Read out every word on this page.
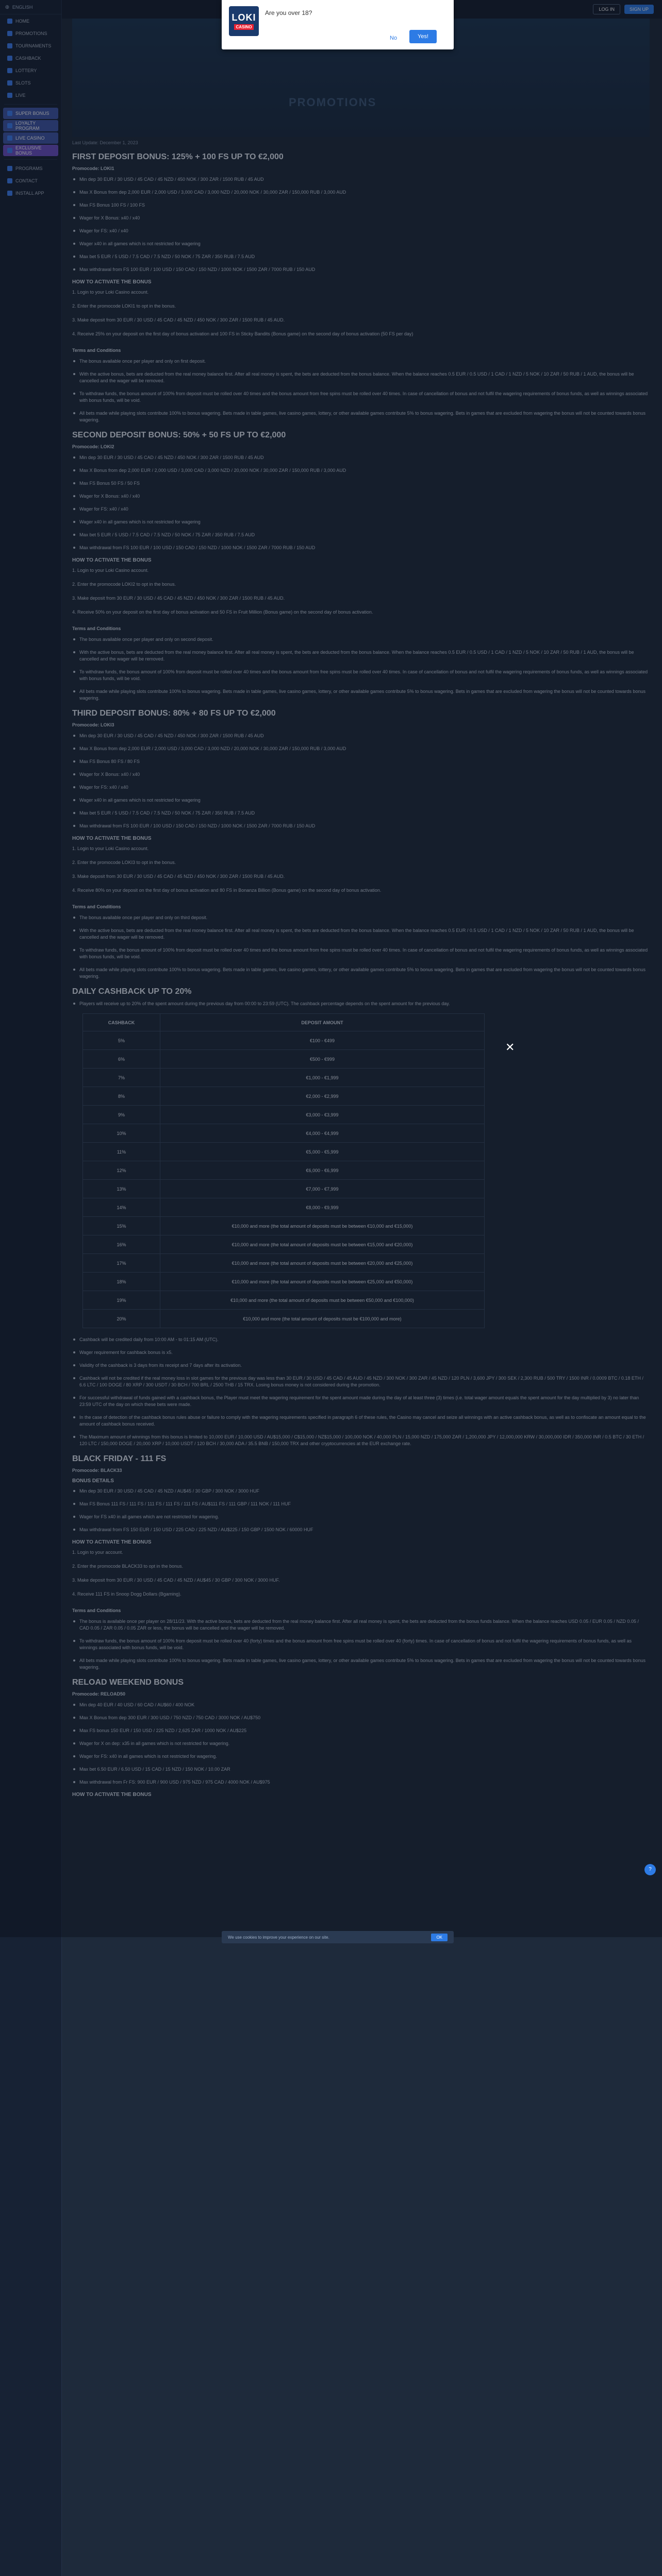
◍ ENGLISH
HOME
PROMOTIONS
TOURNAMENTS
CASHBACK
LOTTERY
SLOTS
LIVE
SUPER BONUS
LOYALTY PROGRAM
LIVE CASINO
EXCLUSIVE BONUS
PROGRAMS
CONTACT
INSTALL APP
LOG IN	SIGN UP
PROMOTIONS
Last Update: December 1, 2023
FIRST DEPOSIT BONUS: 125% + 100 FS UP TO €2,000
Promocode: LOKI1
Min dep 30 EUR / 30 USD / 45 CAD / 45 NZD / 450 NOK / 300 ZAR / 1500 RUB / 45 AUD
Max X Bonus from dep 2,000 EUR / 2,000 USD / 3,000 CAD / 3,000 NZD / 20,000 NOK / 30,000 ZAR / 150,000 RUB / 3,000 AUD
Max FS Bonus 100 FS / 100 FS
Wager for X Bonus: x40 / x40
Wager for FS: x40 / x40
Wager x40 in all games which is not restricted for wagering
Max bet 5 EUR / 5 USD / 7.5 CAD / 7.5 NZD / 50 NOK / 75 ZAR / 350 RUB / 7.5 AUD
Max withdrawal from FS 100 EUR / 100 USD / 150 CAD / 150 NZD / 1000 NOK / 1500 ZAR / 7000 RUB / 150 AUD
HOW TO ACTIVATE THE BONUS

1. Login to your Loki Casino account.

2. Enter the promocode LOKI1 to opt in the bonus.

3. Make deposit from 30 EUR / 30 USD / 45 CAD / 45 NZD / 450 NOK / 300 ZAR / 1500 RUB / 45 AUD.

4. Receive 25% on your deposit on the first day of bonus activation and 100 FS in Sticky Bandits (Bonus game) on the second day of bonus activation (50 FS per day)

Terms and Conditions
The bonus available once per player and only on first deposit.
With the active bonus, bets are deducted from the real money balance first. After all real money is spent, the bets are deducted from the bonus balance. When the balance reaches 0.5 EUR / 0.5 USD / 1 CAD / 1 NZD / 5 NOK / 10 ZAR / 50 RUB / 1 AUD, the bonus will be cancelled and the wager will be removed.
To withdraw funds, the bonus amount of 100% from deposit must be rolled over 40 times and the bonus amount from free spins must be rolled over 40 times. In case of cancellation of bonus and not fulfil the wagering requirements of bonus funds, as well as winnings associated with bonus funds, will be void.
All bets made while playing slots contribute 100% to bonus wagering. Bets made in table games, live casino games, lottery, or other available games contribute 5% to bonus wagering. Bets in games that are excluded from wagering the bonus will not be counted towards bonus wagering.
SECOND DEPOSIT BONUS: 50% + 50 FS UP TO €2,000
Promocode: LOKI2
Min dep 30 EUR / 30 USD / 45 CAD / 45 NZD / 450 NOK / 300 ZAR / 1500 RUB / 45 AUD
Max X Bonus from dep 2,000 EUR / 2,000 USD / 3,000 CAD / 3,000 NZD / 20,000 NOK / 30,000 ZAR / 150,000 RUB / 3,000 AUD
Max FS Bonus 50 FS / 50 FS
Wager for X Bonus: x40 / x40
Wager for FS: x40 / x40
Wager x40 in all games which is not restricted for wagering
Max bet 5 EUR / 5 USD / 7.5 CAD / 7.5 NZD / 50 NOK / 75 ZAR / 350 RUB / 7.5 AUD
Max withdrawal from FS 100 EUR / 100 USD / 150 CAD / 150 NZD / 1000 NOK / 1500 ZAR / 7000 RUB / 150 AUD
HOW TO ACTIVATE THE BONUS

1. Login to your Loki Casino account.

2. Enter the promocode LOKI2 to opt in the bonus.

3. Make deposit from 30 EUR / 30 USD / 45 CAD / 45 NZD / 450 NOK / 300 ZAR / 1500 RUB / 45 AUD.

4. Receive 50% on your deposit on the first day of bonus activation and 50 FS in Fruit Million (Bonus game) on the second day of bonus activation.

Terms and Conditions
The bonus available once per player and only on second deposit.
With the active bonus, bets are deducted from the real money balance first. After all real money is spent, the bets are deducted from the bonus balance. When the balance reaches 0.5 EUR / 0.5 USD / 1 CAD / 1 NZD / 5 NOK / 10 ZAR / 50 RUB / 1 AUD, the bonus will be cancelled and the wager will be removed.
To withdraw funds, the bonus amount of 100% from deposit must be rolled over 40 times and the bonus amount from free spins must be rolled over 40 times. In case of cancellation of bonus and not fulfil the wagering requirements of bonus funds, as well as winnings associated with bonus funds, will be void.
All bets made while playing slots contribute 100% to bonus wagering. Bets made in table games, live casino games, lottery, or other available games contribute 5% to bonus wagering. Bets in games that are excluded from wagering the bonus will not be counted towards bonus wagering.
THIRD DEPOSIT BONUS: 80% + 80 FS UP TO €2,000
Promocode: LOKI3
Min dep 30 EUR / 30 USD / 45 CAD / 45 NZD / 450 NOK / 300 ZAR / 1500 RUB / 45 AUD
Max X Bonus from dep 2,000 EUR / 2,000 USD / 3,000 CAD / 3,000 NZD / 20,000 NOK / 30,000 ZAR / 150,000 RUB / 3,000 AUD
Max FS Bonus 80 FS / 80 FS
Wager for X Bonus: x40 / x40
Wager for FS: x40 / x40
Wager x40 in all games which is not restricted for wagering
Max bet 5 EUR / 5 USD / 7.5 CAD / 7.5 NZD / 50 NOK / 75 ZAR / 350 RUB / 7.5 AUD
Max withdrawal from FS 100 EUR / 100 USD / 150 CAD / 150 NZD / 1000 NOK / 1500 ZAR / 7000 RUB / 150 AUD
HOW TO ACTIVATE THE BONUS

1. Login to your Loki Casino account.

2. Enter the promocode LOKI3 to opt in the bonus.

3. Make deposit from 30 EUR / 30 USD / 45 CAD / 45 NZD / 450 NOK / 300 ZAR / 1500 RUB / 45 AUD.

4. Receive 80% on your deposit on the first day of bonus activation and 80 FS in Bonanza Billion (Bonus game) on the second day of bonus activation.

Terms and Conditions
The bonus available once per player and only on third deposit.
With the active bonus, bets are deducted from the real money balance first. After all real money is spent, the bets are deducted from the bonus balance. When the balance reaches 0.5 EUR / 0.5 USD / 1 CAD / 1 NZD / 5 NOK / 10 ZAR / 50 RUB / 1 AUD, the bonus will be cancelled and the wager will be removed.
To withdraw funds, the bonus amount of 100% from deposit must be rolled over 40 times and the bonus amount from free spins must be rolled over 40 times. In case of cancellation of bonus and not fulfil the wagering requirements of bonus funds, as well as winnings associated with bonus funds, will be void.
All bets made while playing slots contribute 100% to bonus wagering. Bets made in table games, live casino games, lottery, or other available games contribute 5% to bonus wagering. Bets in games that are excluded from wagering the bonus will not be counted towards bonus wagering.
DAILY CASHBACK UP TO 20%
Players will receive up to 20% of the spent amount during the previous day from 00:00 to 23:59 (UTC). The cashback percentage depends on the spent amount for the previous day.
CASHBACK	DEPOSIT AMOUNT
5%	€100 - €499
6%	€500 - €999
7%	€1,000 - €1,999
8%	€2,000 - €2,999
9%	€3,000 - €3,999
10%	€4,000 - €4,999
11%	€5,000 - €5,999
12%	€6,000 - €6,999
13%	€7,000 - €7,999
14%	€8,000 - €9,999
15%	€10,000 and more (the total amount of deposits must be between €10,000 and €15,000)
16%	€10,000 and more (the total amount of deposits must be between €15,000 and €20,000)
17%	€10,000 and more (the total amount of deposits must be between €20,000 and €25,000)
18%	€10,000 and more (the total amount of deposits must be between €25,000 and €50,000)
19%	€10,000 and more (the total amount of deposits must be between €50,000 and €100,000)
20%	€10,000 and more (the total amount of deposits must be €100,000 and more)
Cashback will be credited daily from 10:00 AM - to 01:15 AM (UTC).
Wager requirement for cashback bonus is x5.
Validity of the cashback is 3 days from its receipt and 7 days after its activation.
Cashback will not be credited if the real money loss in slot games for the previous day was less than 30 EUR / 30 USD / 45 CAD / 45 AUD / 45 NZD / 300 NOK / 300 ZAR / 45 NZD / 120 PLN / 3,600 JPY / 300 SEK / 2,300 RUB / 500 TRY / 1500 INR / 0.0009 BTC / 0.18 ETH / 6.6 LTC / 100 DOGE / 80 XRP / 300 USDT / 30 BCH / 700 BRL / 2500 THB / 15 TRX. Losing bonus money is not considered during the promotion.
For successful withdrawal of funds gained with a cashback bonus, the Player must meet the wagering requirement for the spent amount made during the day of at least three (3) times (i.e. total wager amount equals the spent amount for the day multiplied by 3) no later than 23:59 UTC of the day on which these bets were made.
In the case of detection of the cashback bonus rules abuse or failure to comply with the wagering requirements specified in paragraph 6 of these rules, the Casino may cancel and seize all winnings with an active cashback bonus, as well as to confiscate an amount equal to the amount of cashback bonus received.
The Maximum amount of winnings from this bonus is limited to 10,000 EUR / 10,000 USD / AU$15,000 / C$15,000 / NZ$15,000 / 100,000 NOK / 40,000 PLN / 15,000 NZD / 175,000 ZAR / 1,200,000 JPY / 12,000,000 KRW / 30,000,000 IDR / 350,000 INR / 0.5 BTC / 30 ETH / 120 LTC / 150,000 DOGE / 20,000 XRP / 10,000 USDT / 120 BCH / 30,000 ADA / 35.5 BNB / 150,000 TRX and other cryptocurrencies at the EUR exchange rate.
BLACK FRIDAY - 111 FS
Promocode: BLACK33
BONUS DETAILS
Min dep 30 EUR / 30 USD / 45 CAD / 45 NZD / AU$45 / 30 GBP / 300 NOK / 3000 HUF
Max FS Bonus 111 FS / 111 FS / 111 FS / 111 FS / 111 FS / AU$111 FS / 111 GBP / 111 NOK / 111 HUF
Wager for FS x40 in all games which are not restricted for wagering.
Max withdrawal from FS 150 EUR / 150 USD / 225 CAD / 225 NZD / AU$225 / 150 GBP / 1500 NOK / 60000 HUF
HOW TO ACTIVATE THE BONUS

1. Login to your account.

2. Enter the promocode BLACK33 to opt in the bonus.

3. Make deposit from 30 EUR / 30 USD / 45 CAD / 45 NZD / AU$45 / 30 GBP / 300 NOK / 3000 HUF.

4. Receive 111 FS in Snoop Dogg Dollars (Bgaming).

Terms and Conditions
The bonus is available once per player on 28/11/23. With the active bonus, bets are deducted from the real money balance first. After all real money is spent, the bets are deducted from the bonus funds balance. When the balance reaches USD 0.05 / EUR 0.05 / NZD 0.05 / CAD 0.05 / ZAR 0.05 / 0.05 ZAR or less, the bonus will be cancelled and the wager will be removed.
To withdraw funds, the bonus amount of 100% from deposit must be rolled over 40 (forty) times and the bonus amount from free spins must be rolled over 40 (forty) times. In case of cancellation of bonus and not fulfil the wagering requirements of bonus funds, as well as winnings associated with bonus funds, will be void.
All bets made while playing slots contribute 100% to bonus wagering. Bets made in table games, live casino games, lottery, or other available games contribute 5% to bonus wagering. Bets in games that are excluded from wagering the bonus will not be counted towards bonus wagering.
RELOAD WEEKEND BONUS
Promocode: RELOAD50
Min dep 40 EUR / 40 USD / 60 CAD / AU$60 / 400 NOK
Max X Bonus from dep 300 EUR / 300 USD / 750 NZD / 750 CAD / 3000 NOK / AU$750
Max FS bonus 150 EUR / 150 USD / 225 NZD / 2,625 ZAR / 1000 NOK / AU$225
Wager for X on dep: x35 in all games which is not restricted for wagering.
Wager for FS: x40 in all games which is not restricted for wagering.
Max bet 6.50 EUR / 6.50 USD / 15 CAD / 15 NZD / 150 NOK / 10.00 ZAR
Max withdrawal from Fr FS: 900 EUR / 900 USD / 975 NZD / 975 CAD / 4000 NOK / AU$975
HOW TO ACTIVATE THE BONUS
✕
LOKI
CASINO
Are you over 18?
No	Yes!
We use cookies to improve your experience on our site.	OK
?
